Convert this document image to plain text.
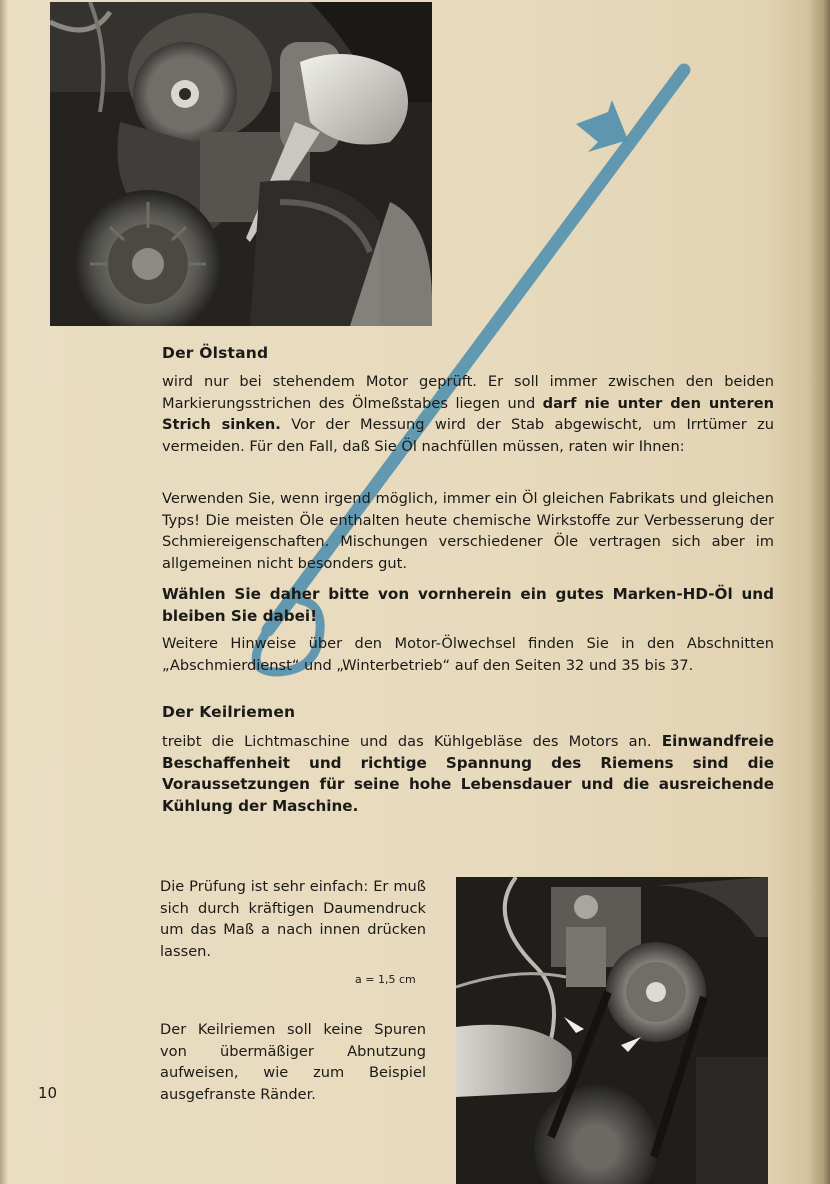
Der Ölstand

wird nur bei stehendem Motor geprüft. Er soll immer zwischen den beiden Markierungsstrichen des Ölmeßstabes liegen und darf nie unter den unteren Strich sinken. Vor der Messung wird der Stab abgewischt, um Irrtümer zu vermeiden. Für den Fall, daß Sie Öl nachfüllen müssen, raten wir Ihnen:

Verwenden Sie, wenn irgend möglich, immer ein Öl gleichen Fabrikats und gleichen Typs! Die meisten Öle enthalten heute chemische Wirkstoffe zur Verbesserung der Schmiereigenschaften. Mischungen verschiedener Öle vertragen sich aber im allgemeinen nicht besonders gut.

Wählen Sie daher bitte von vornherein ein gutes Marken-HD-Öl und bleiben Sie dabei!

Weitere Hinweise über den Motor-Ölwechsel finden Sie in den Abschnitten „Abschmierdienst“ und „Winterbetrieb“ auf den Seiten 32 und 35 bis 37.

Der Keilriemen

treibt die Lichtmaschine und das Kühlgebläse des Motors an. Einwandfreie Beschaffenheit und richtige Spannung des Riemens sind die Voraussetzungen für seine hohe Lebensdauer und die ausreichende Kühlung der Maschine.

Die Prüfung ist sehr einfach: Er muß sich durch kräftigen Daumendruck um das Maß a nach innen drücken lassen.

a = 1,5 cm

Der Keilriemen soll keine Spuren von übermäßiger Abnutzung aufweisen, wie zum Beispiel ausgefranste Ränder.

10
